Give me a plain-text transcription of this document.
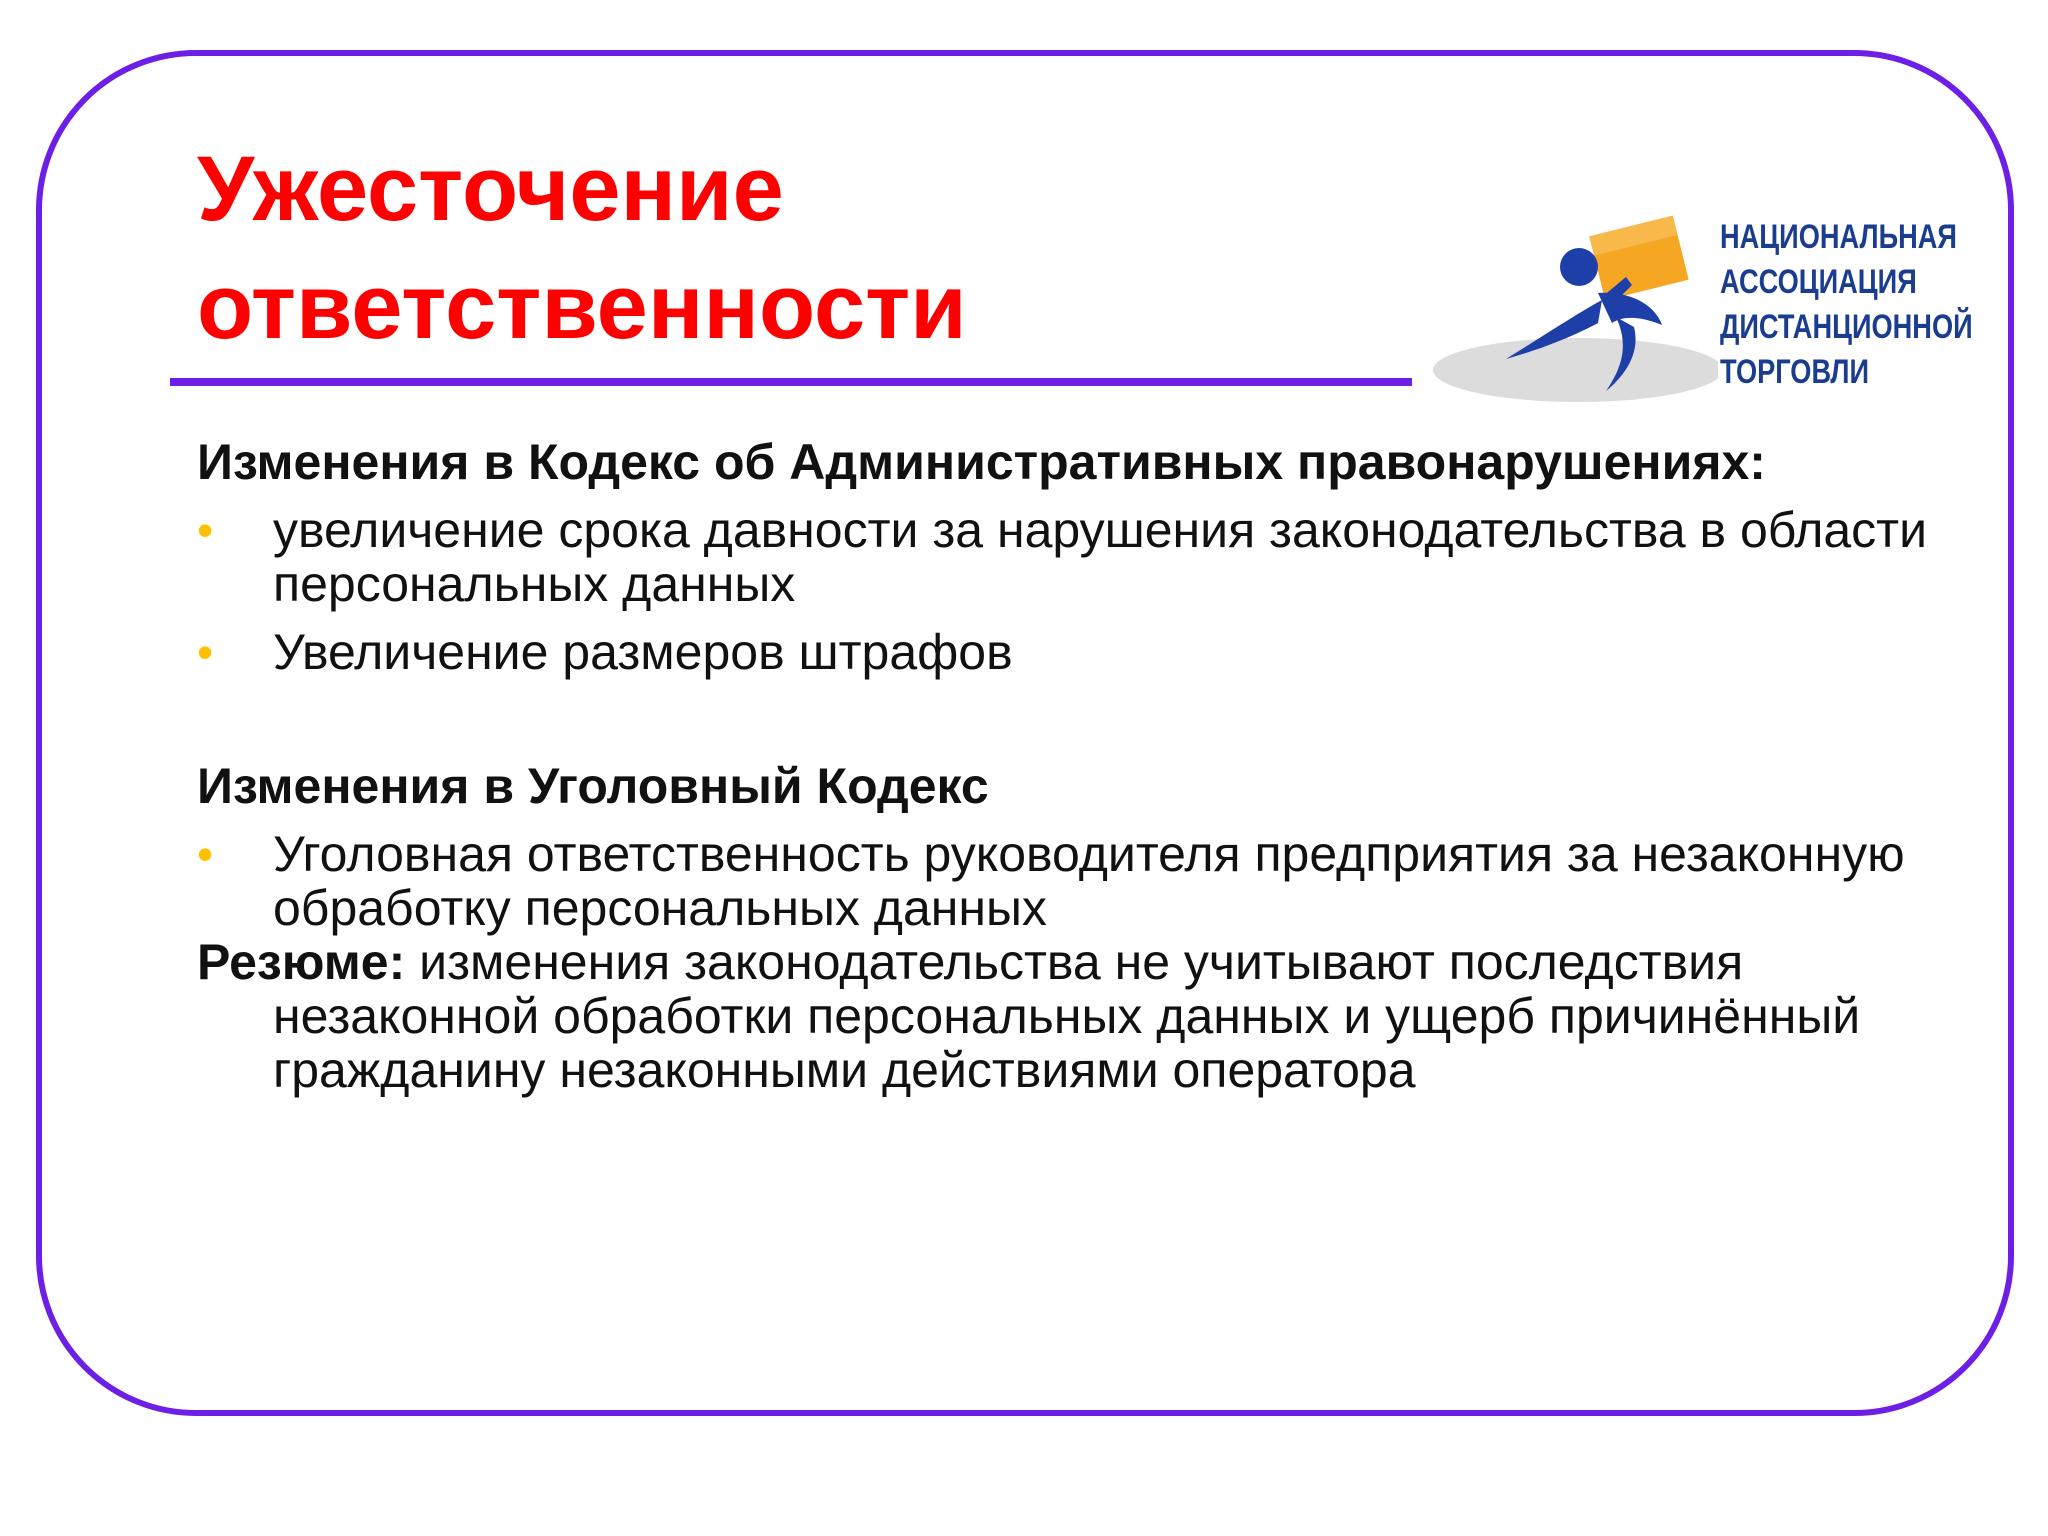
Ужесточение
ответственности
НАЦИОНАЛЬНАЯ
АССОЦИАЦИЯ
ДИСТАНЦИОННОЙ
ТОРГОВЛИ

Изменения в Кодекс об Административных правонарушениях:

• увеличение срока давности за нарушения законодательства в области персональных данных
• Увеличение размеров штрафов

Изменения в Уголовный Кодекс

• Уголовная ответственность руководителя предприятия за незаконную обработку персональных данных

Резюме: изменения законодательства не учитывают последствия незаконной обработки персональных данных и ущерб причинённый гражданину незаконными действиями оператора
